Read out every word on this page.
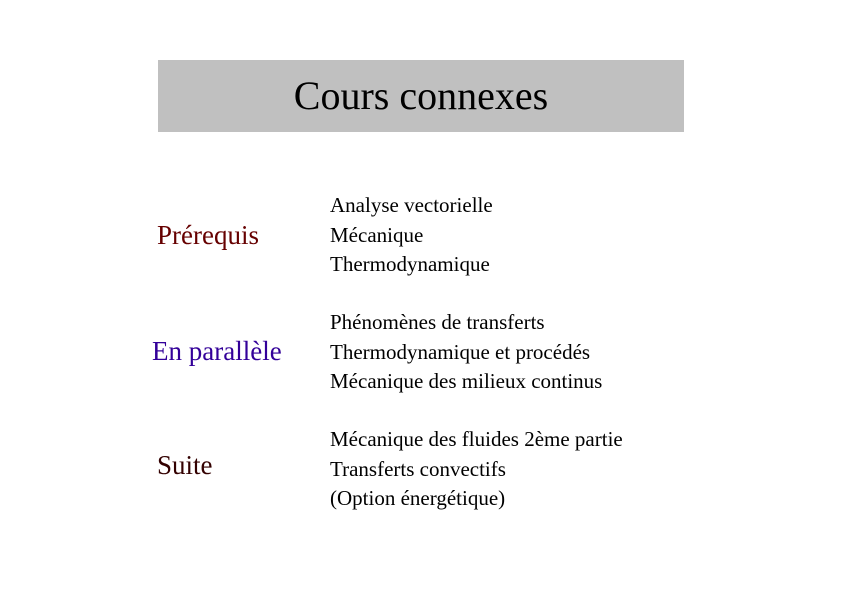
Cours connexes
Prérequis
Analyse vectorielle
Mécanique
Thermodynamique
En parallèle
Phénomènes de transferts
Thermodynamique et procédés
Mécanique des milieux continus
Suite
Mécanique des fluides 2ème partie
Transferts convectifs
(Option énergétique)
